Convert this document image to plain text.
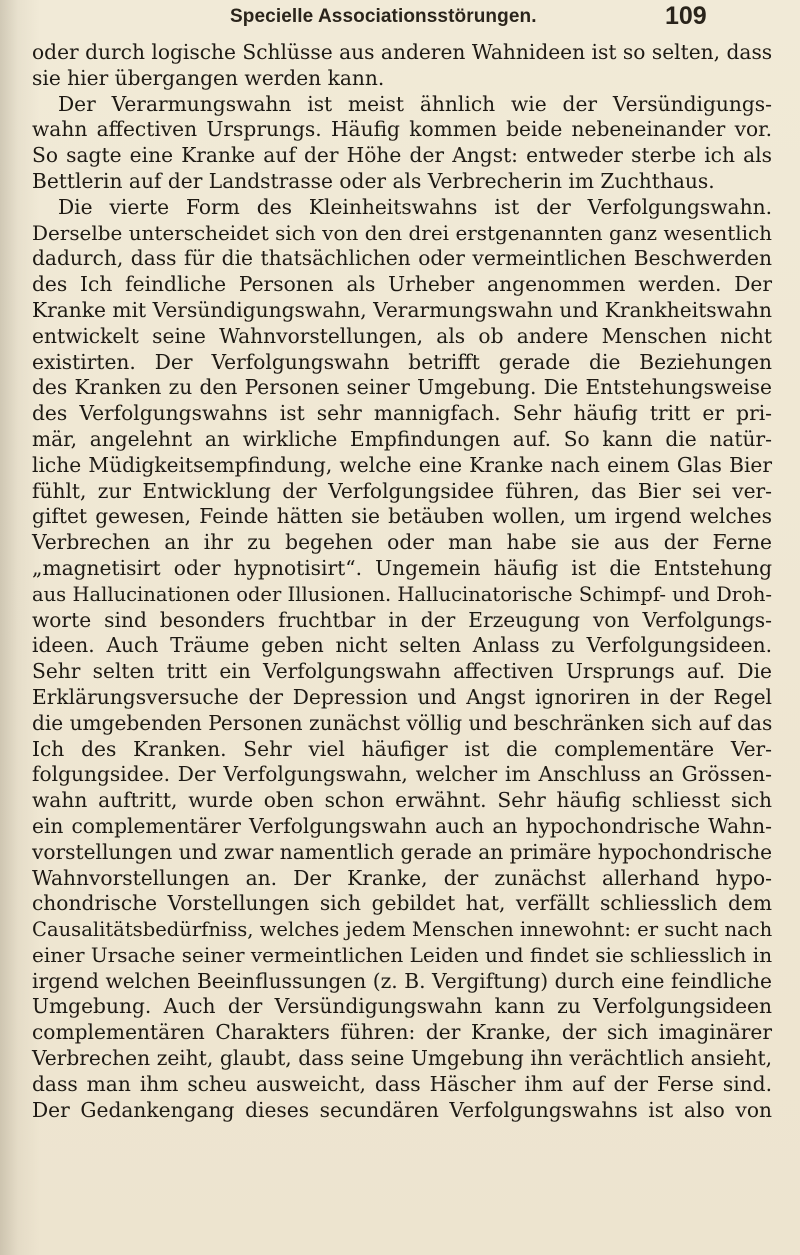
Specielle Associationsstörungen.	109
oder durch logische Schlüsse aus anderen Wahnideen ist so selten, dass
sie hier übergangen werden kann.
Der Verarmungswahn ist meist ähnlich wie der Versündigungs-
wahn affectiven Ursprungs. Häufig kommen beide nebeneinander vor.
So sagte eine Kranke auf der Höhe der Angst: entweder sterbe ich als
Bettlerin auf der Landstrasse oder als Verbrecherin im Zuchthaus.
Die vierte Form des Kleinheitswahns ist der Verfolgungswahn.
Derselbe unterscheidet sich von den drei erstgenannten ganz wesentlich
dadurch, dass für die thatsächlichen oder vermeintlichen Beschwerden
des Ich feindliche Personen als Urheber angenommen werden. Der
Kranke mit Versündigungswahn, Verarmungswahn und Krankheitswahn
entwickelt seine Wahnvorstellungen, als ob andere Menschen nicht
existirten. Der Verfolgungswahn betrifft gerade die Beziehungen
des Kranken zu den Personen seiner Umgebung. Die Entstehungsweise
des Verfolgungswahns ist sehr mannigfach. Sehr häufig tritt er pri-
mär, angelehnt an wirkliche Empfindungen auf. So kann die natür-
liche Müdigkeitsempfindung, welche eine Kranke nach einem Glas Bier
fühlt, zur Entwicklung der Verfolgungsidee führen, das Bier sei ver-
giftet gewesen, Feinde hätten sie betäuben wollen, um irgend welches
Verbrechen an ihr zu begehen oder man habe sie aus der Ferne
„magnetisirt oder hypnotisirt“. Ungemein häufig ist die Entstehung
aus Hallucinationen oder Illusionen. Hallucinatorische Schimpf- und Droh-
worte sind besonders fruchtbar in der Erzeugung von Verfolgungs-
ideen. Auch Träume geben nicht selten Anlass zu Verfolgungsideen.
Sehr selten tritt ein Verfolgungswahn affectiven Ursprungs auf. Die
Erklärungsversuche der Depression und Angst ignoriren in der Regel
die umgebenden Personen zunächst völlig und beschränken sich auf das
Ich des Kranken. Sehr viel häufiger ist die complementäre Ver-
folgungsidee. Der Verfolgungswahn, welcher im Anschluss an Grössen-
wahn auftritt, wurde oben schon erwähnt. Sehr häufig schliesst sich
ein complementärer Verfolgungswahn auch an hypochondrische Wahn-
vorstellungen und zwar namentlich gerade an primäre hypochondrische
Wahnvorstellungen an. Der Kranke, der zunächst allerhand hypo-
chondrische Vorstellungen sich gebildet hat, verfällt schliesslich dem
Causalitätsbedürfniss, welches jedem Menschen innewohnt: er sucht nach
einer Ursache seiner vermeintlichen Leiden und findet sie schliesslich in
irgend welchen Beeinflussungen (z. B. Vergiftung) durch eine feindliche
Umgebung. Auch der Versündigungswahn kann zu Verfolgungsideen
complementären Charakters führen: der Kranke, der sich imaginärer
Verbrechen zeiht, glaubt, dass seine Umgebung ihn verächtlich ansieht,
dass man ihm scheu ausweicht, dass Häscher ihm auf der Ferse sind.
Der Gedankengang dieses secundären Verfolgungswahns ist also von
